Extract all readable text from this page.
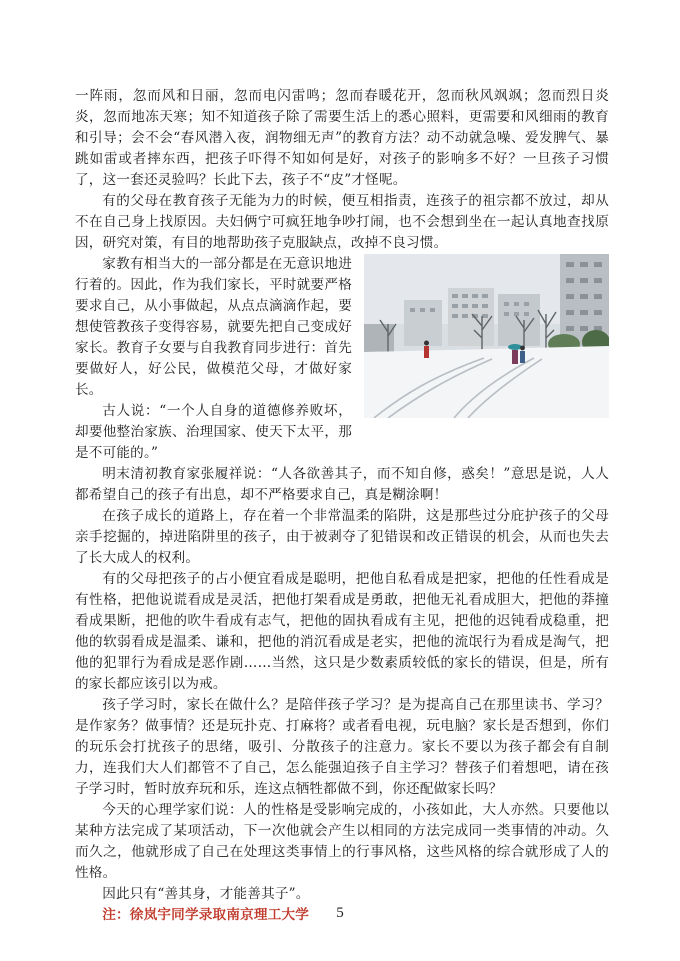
一阵雨，忽而风和日丽，忽而电闪雷鸣；忽而春暖花开，忽而秋风飒飒；忽而烈日炎炎，忽而地冻天寒；知不知道孩子除了需要生活上的悉心照料，更需要和风细雨的教育和引导；会不会“春风潜入夜，润物细无声”的教育方法？动不动就急噪、爱发脾气、暴跳如雷或者摔东西，把孩子吓得不知如何是好，对孩子的影响多不好？一旦孩子习惯了，这一套还灵验吗？长此下去，孩子不“皮”才怪呢。

有的父母在教育孩子无能为力的时候，便互相指责，连孩子的祖宗都不放过，却从不在自己身上找原因。夫妇俩宁可疯狂地争吵打闹，也不会想到坐在一起认真地查找原因，研究对策，有目的地帮助孩子克服缺点，改掉不良习惯。

家教有相当大的一部分都是在无意识地进行着的。因此，作为我们家长，平时就要严格要求自己，从小事做起，从点点滴滴作起，要想使管教孩子变得容易，就要先把自己变成好家长。教育子女要与自我教育同步进行：首先要做好人，好公民，做模范父母，才做好家长。

古人说：“一个人自身的道德修养败坏，却要他整治家族、治理国家、使天下太平，那是不可能的。”

明末清初教育家张履祥说：“人各欲善其子，而不知自修，惑矣！”意思是说，人人都希望自己的孩子有出息，却不严格要求自己，真是糊涂啊！

在孩子成长的道路上，存在着一个非常温柔的陷阱，这是那些过分庇护孩子的父母亲手挖掘的，掉进陷阱里的孩子，由于被剥夺了犯错误和改正错误的机会，从而也失去了长大成人的权利。

有的父母把孩子的占小便宜看成是聪明，把他自私看成是把家，把他的任性看成是有性格，把他说谎看成是灵活，把他打架看成是勇敢，把他无礼看成胆大，把他的莽撞看成果断，把他的吹牛看成有志气，把他的固执看成有主见，把他的迟钝看成稳重，把他的软弱看成是温柔、谦和，把他的消沉看成是老实，把他的流氓行为看成是淘气，把他的犯罪行为看成是恶作剧……当然，这只是少数素质较低的家长的错误，但是，所有的家长都应该引以为戒。

孩子学习时，家长在做什么？是陪伴孩子学习？是为提高自己在那里读书、学习？是作家务？做事情？还是玩扑克、打麻将？或者看电视，玩电脑？家长是否想到，你们的玩乐会打扰孩子的思绪，吸引、分散孩子的注意力。家长不要以为孩子都会有自制力，连我们大人们都管不了自己，怎么能强迫孩子自主学习？替孩子们着想吧，请在孩子学习时，暂时放弃玩和乐，连这点牺牲都做不到，你还配做家长吗？

今天的心理学家们说：人的性格是受影响完成的，小孩如此，大人亦然。只要他以某种方法完成了某项活动，下一次他就会产生以相同的方法完成同一类事情的冲动。久而久之，他就形成了自己在处理这类事情上的行事风格，这些风格的综合就形成了人的性格。

因此只有“善其身，才能善其子”。

注：徐岚宇同学录取南京理工大学	5
